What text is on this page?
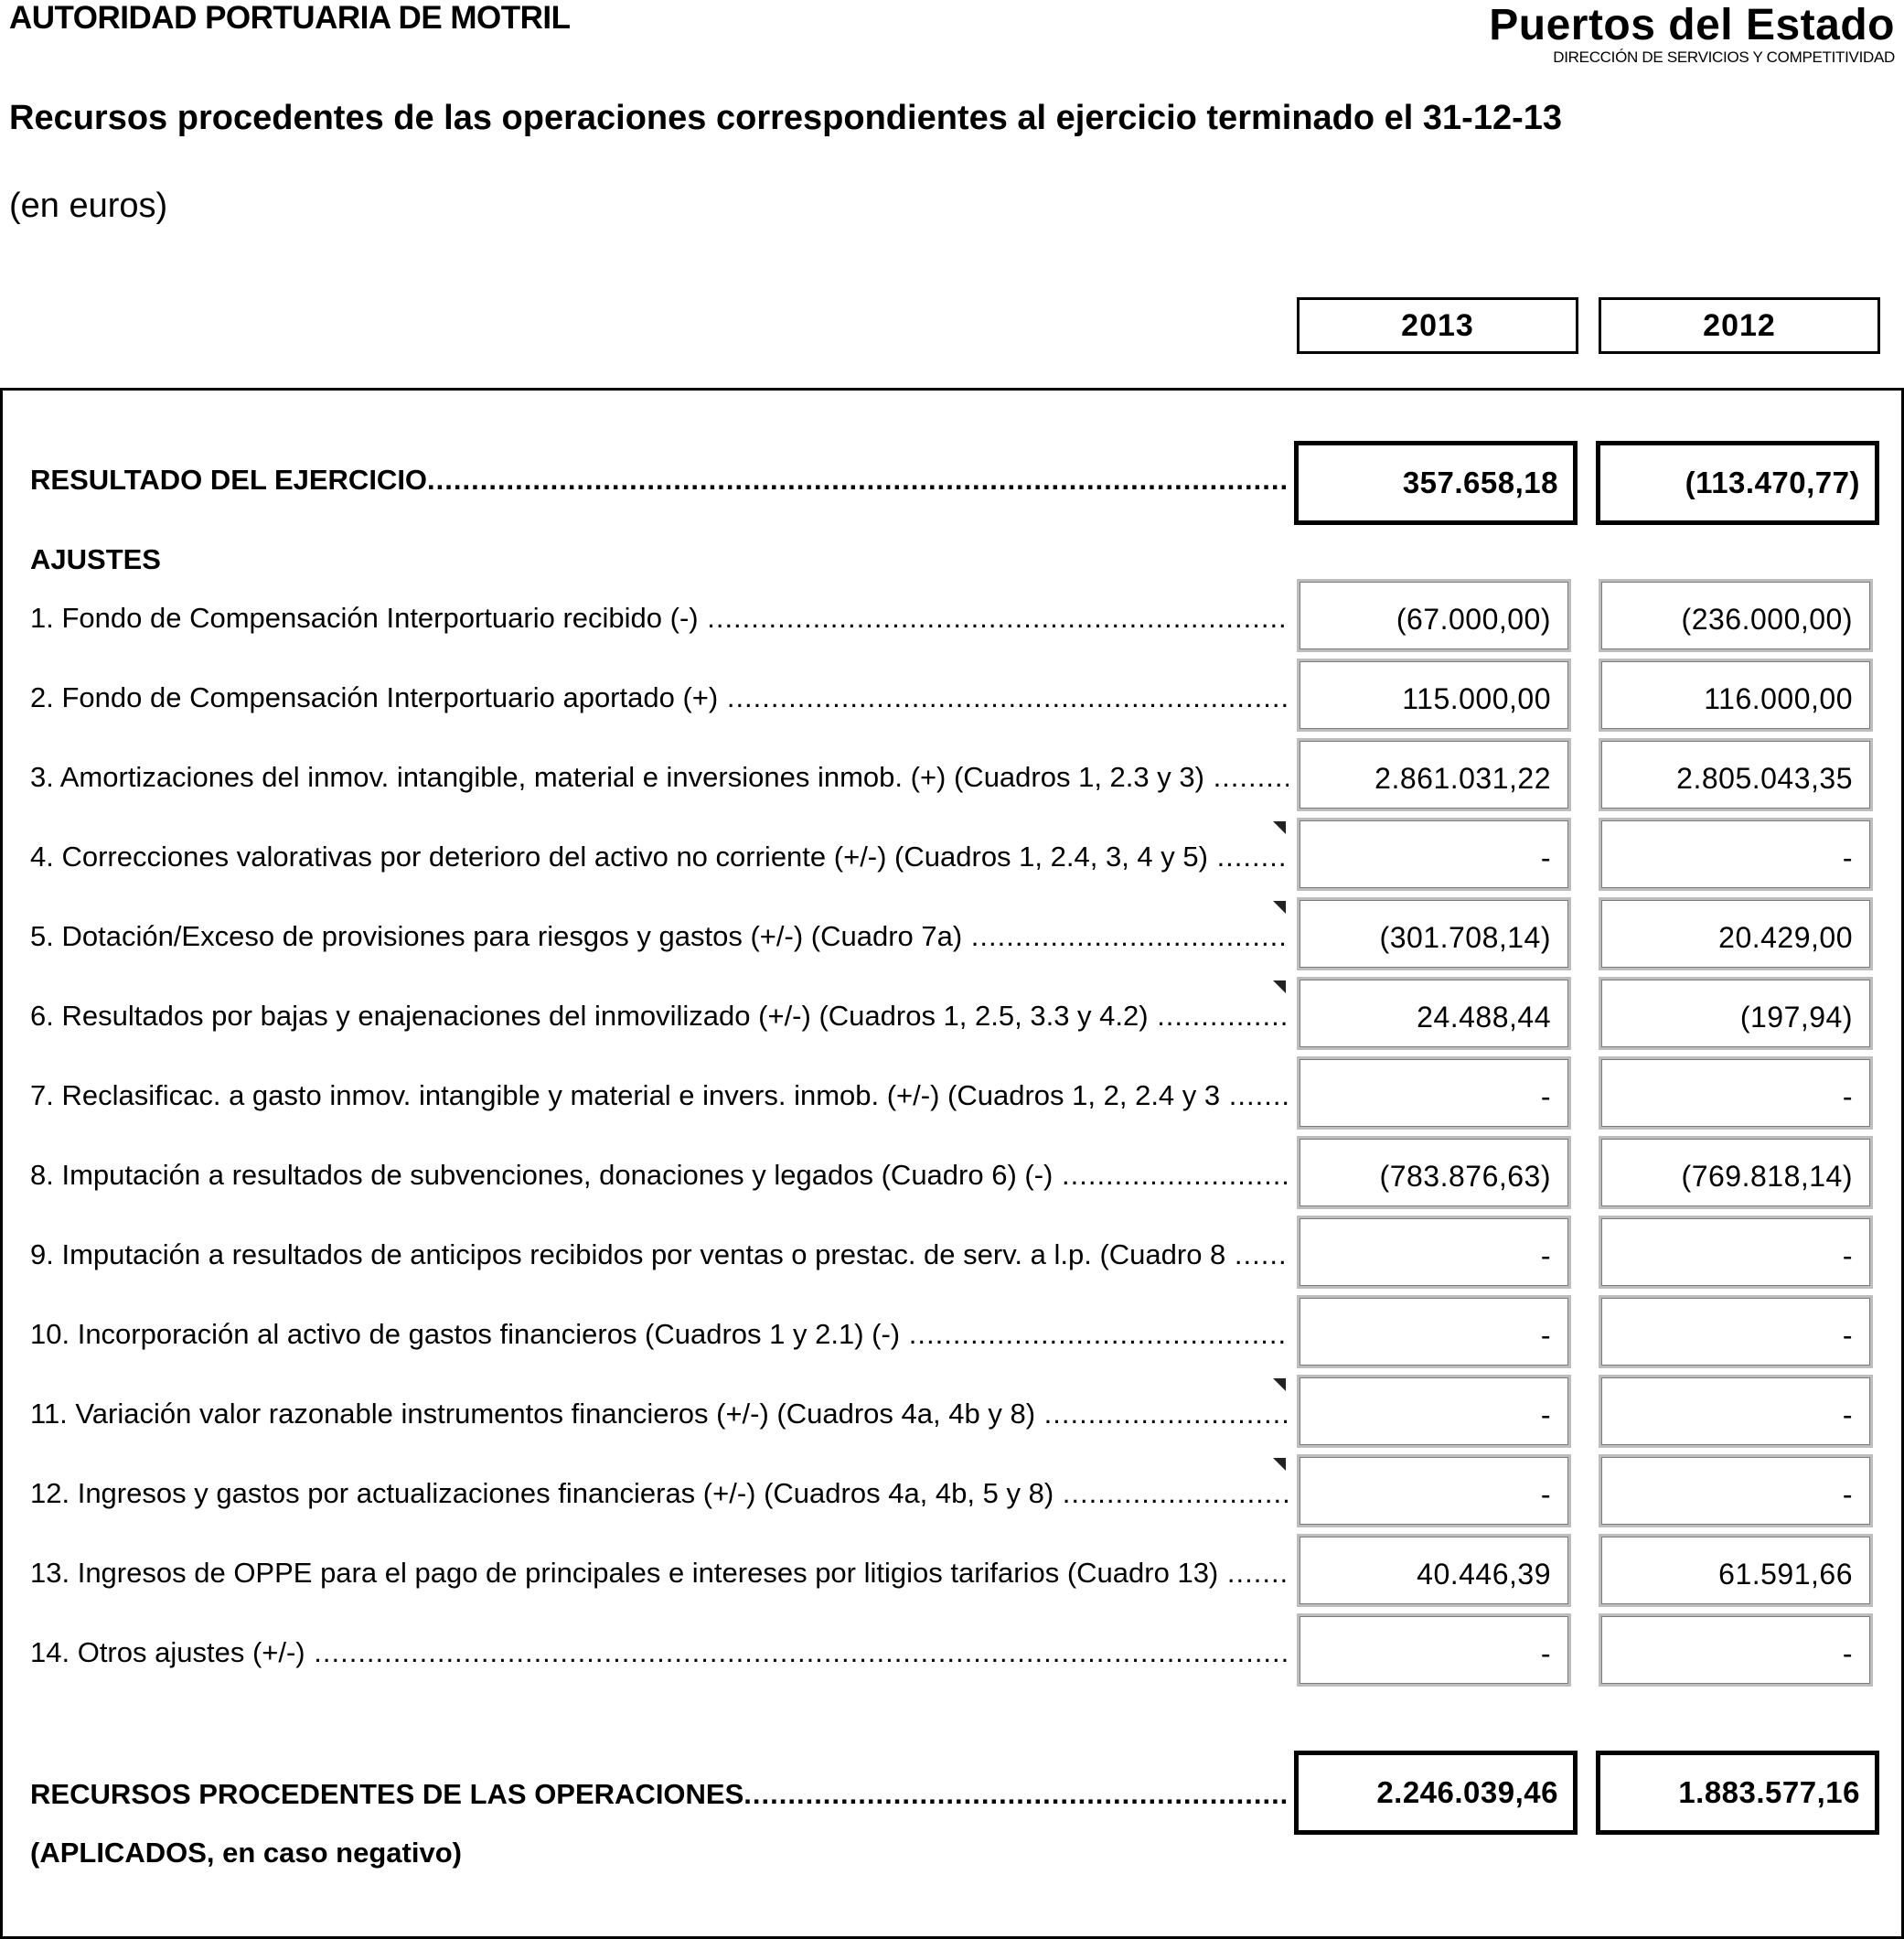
AUTORIDAD PORTUARIA DE MOTRIL	Puertos del Estado
DIRECCIÓN DE SERVICIOS Y COMPETITIVIDAD
Recursos procedentes de las operaciones correspondientes al ejercicio terminado el 31-12-13
(en euros)
2013	2012
RESULTADO DEL EJERCICIO .....	357.658,18	(113.470,77)
AJUSTES
1. Fondo de Compensación Interportuario recibido (-) .....	(67.000,00)	(236.000,00)
2. Fondo de Compensación Interportuario aportado (+) .....	115.000,00	116.000,00
3. Amortizaciones del inmov. intangible, material e inversiones inmob. (+) (Cuadros 1, 2.3 y 3) .....	2.861.031,22	2.805.043,35
4. Correcciones valorativas por deterioro del activo no corriente (+/-) (Cuadros 1, 2.4, 3, 4 y 5) .....	-	-
5. Dotación/Exceso de provisiones para riesgos y gastos (+/-) (Cuadro 7a) .....	(301.708,14)	20.429,00
6. Resultados por bajas y enajenaciones del inmovilizado (+/-) (Cuadros 1, 2.5, 3.3 y 4.2) .....	24.488,44	(197,94)
7. Reclasificac. a gasto inmov. intangible y material e invers. inmob. (+/-) (Cuadros 1, 2, 2.4 y 3 .....	-	-
8. Imputación a resultados de subvenciones, donaciones y legados (Cuadro 6) (-) .....	(783.876,63)	(769.818,14)
9. Imputación a resultados de anticipos recibidos por ventas o prestac. de serv. a l.p. (Cuadro 8 .....	-	-
10. Incorporación al activo de gastos financieros (Cuadros 1 y 2.1) (-) .....	-	-
11. Variación valor razonable instrumentos financieros (+/-) (Cuadros 4a, 4b y 8) .....	-	-
12. Ingresos y gastos por actualizaciones financieras (+/-) (Cuadros 4a, 4b, 5 y 8) .....	-	-
13. Ingresos de OPPE para el pago de principales e intereses por litigios tarifarios (Cuadro 13) .....	40.446,39	61.591,66
14. Otros ajustes (+/-) .....	-	-
RECURSOS PROCEDENTES DE LAS OPERACIONES .....	2.246.039,46	1.883.577,16
(APLICADOS, en caso negativo)
